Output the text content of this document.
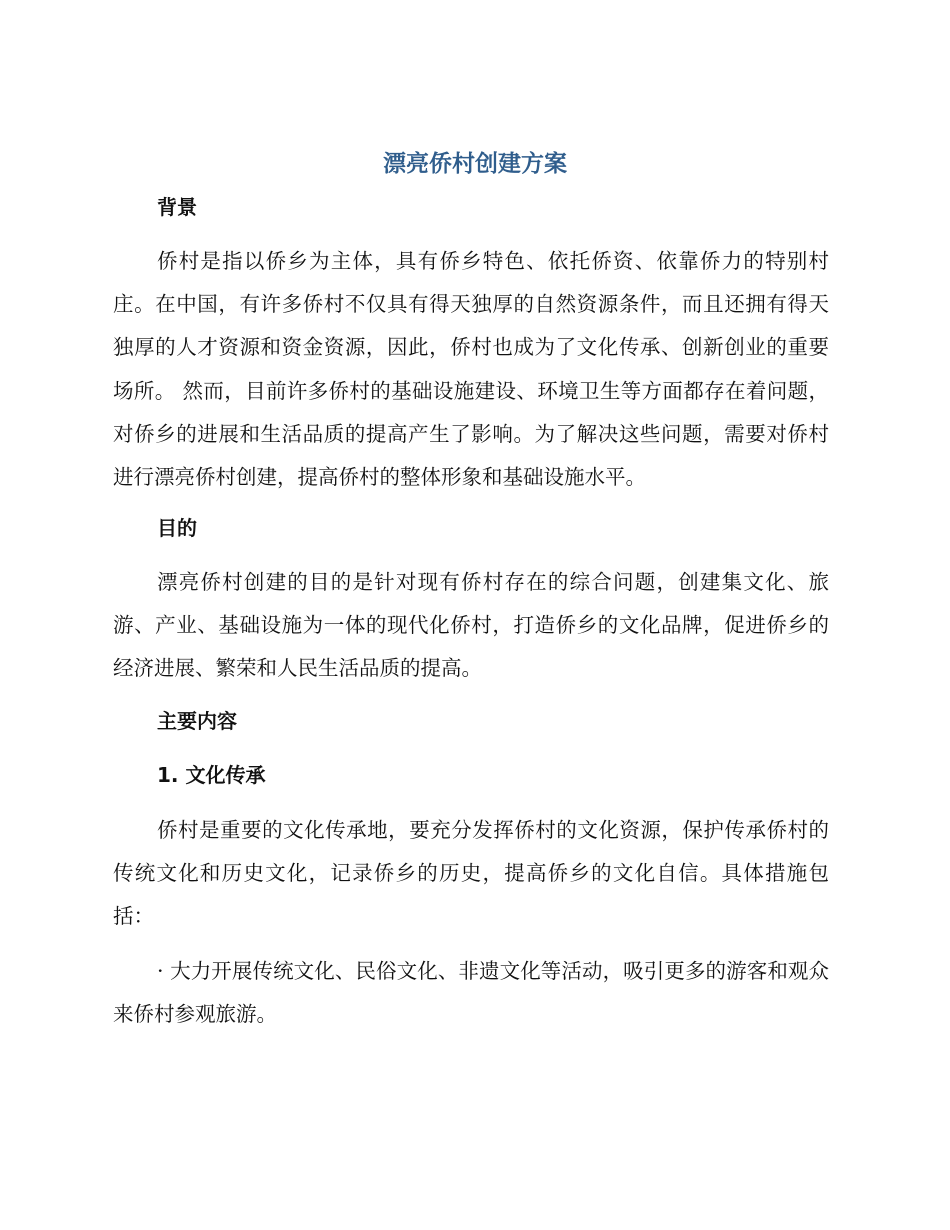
漂亮侨村创建方案
背景

侨村是指以侨乡为主体，具有侨乡特色、依托侨资、依靠侨力的特别村庄。在中国，有许多侨村不仅具有得天独厚的自然资源条件，而且还拥有得天独厚的人才资源和资金资源，因此，侨村也成为了文化传承、创新创业的重要场所。 然而，目前许多侨村的基础设施建设、环境卫生等方面都存在着问题，对侨乡的进展和生活品质的提高产生了影响。为了解决这些问题，需要对侨村进行漂亮侨村创建，提高侨村的整体形象和基础设施水平。

目的

漂亮侨村创建的目的是针对现有侨村存在的综合问题，创建集文化、旅游、产业、基础设施为一体的现代化侨村，打造侨乡的文化品牌，促进侨乡的经济进展、繁荣和人民生活品质的提高。

主要内容
1. 文化传承

侨村是重要的文化传承地，要充分发挥侨村的文化资源，保护传承侨村的传统文化和历史文化，记录侨乡的历史，提高侨乡的文化自信。具体措施包括：

· 大力开展传统文化、民俗文化、非遗文化等活动，吸引更多的游客和观众来侨村参观旅游。
